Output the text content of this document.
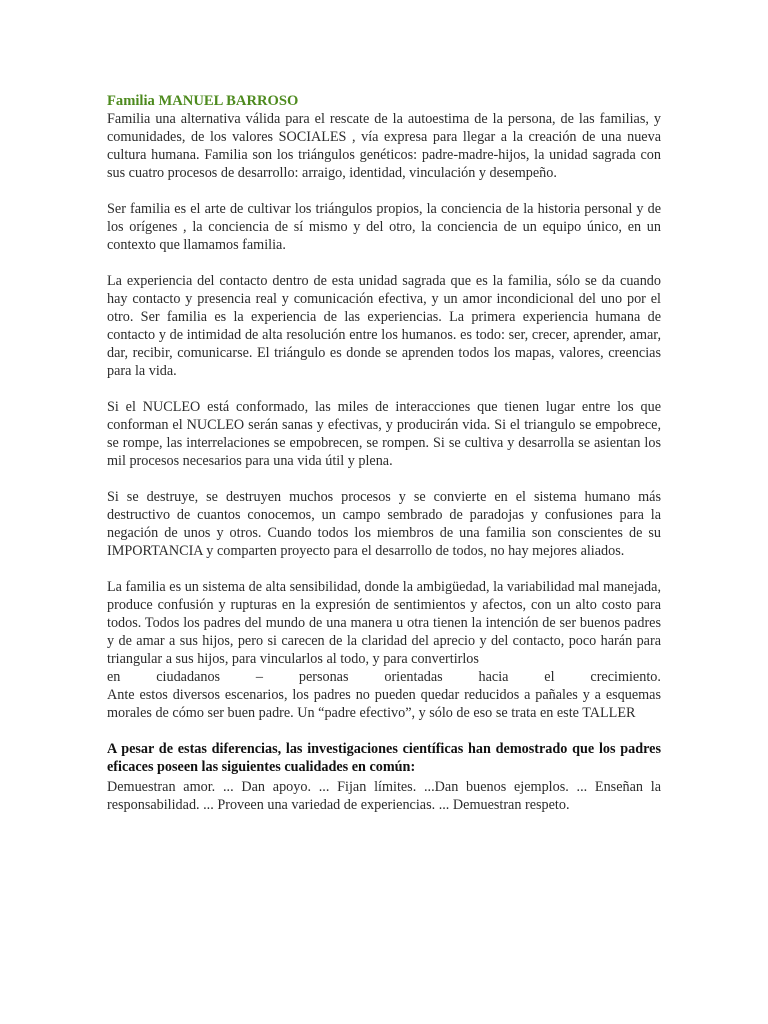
Familia MANUEL BARROSO

Familia una alternativa válida para el rescate de la autoestima de la persona, de las familias, y comunidades, de los valores SOCIALES , vía expresa para llegar a la creación de una nueva cultura humana. Familia son los triángulos genéticos: padre-madre-hijos, la unidad sagrada con sus cuatro procesos de desarrollo: arraigo, identidad, vinculación y desempeño.

Ser familia es el arte de cultivar los triángulos propios, la conciencia de la historia personal y de los orígenes , la conciencia de sí mismo y del otro, la conciencia de un equipo único, en un contexto que llamamos familia.

La experiencia del contacto dentro de esta unidad sagrada que es la familia, sólo se da cuando hay contacto y presencia real y comunicación efectiva, y un amor incondicional del uno por el otro. Ser familia es la experiencia de las experiencias. La primera experiencia humana de contacto y de intimidad de alta resolución entre los humanos. es todo: ser, crecer, aprender, amar, dar, recibir, comunicarse. El triángulo es donde se aprenden todos los mapas, valores, creencias para la vida.

Si el NUCLEO está conformado, las miles de interacciones que tienen lugar entre los que conforman el NUCLEO serán sanas y efectivas, y producirán vida. Si el triangulo se empobrece, se rompe, las interrelaciones se empobrecen, se rompen. Si se cultiva y desarrolla se asientan los mil procesos necesarios para una vida útil y plena.

Si se destruye, se destruyen muchos procesos y se convierte en el sistema humano más destructivo de cuantos conocemos, un campo sembrado de paradojas y confusiones para la negación de unos y otros. Cuando todos los miembros de una familia son conscientes de su IMPORTANCIA y comparten proyecto para el desarrollo de todos, no hay mejores aliados.

La familia es un sistema de alta sensibilidad, donde la ambigüedad, la variabilidad mal manejada, produce confusión y rupturas en la expresión de sentimientos y afectos, con un alto costo para todos. Todos los padres del mundo de una manera u otra tienen la intención de ser buenos padres y de amar a sus hijos, pero si carecen de la claridad del aprecio y del contacto, poco harán para triangular a sus hijos, para vincularlos al todo, y para convertirlos

en	ciudadanos	–	personas	orientadas	hacia	el	crecimiento.

Ante estos diversos escenarios, los padres no pueden quedar reducidos a pañales y a esquemas morales de cómo ser buen padre. Un “padre efectivo”, y sólo de eso se trata en este TALLER

A pesar de estas diferencias, las investigaciones científicas han demostrado que los padres eficaces poseen las siguientes cualidades en común:

Demuestran amor. ... Dan apoyo. ... Fijan límites. ...Dan buenos ejemplos. ... Enseñan la responsabilidad. ... Proveen una variedad de experiencias. ... Demuestran respeto.
